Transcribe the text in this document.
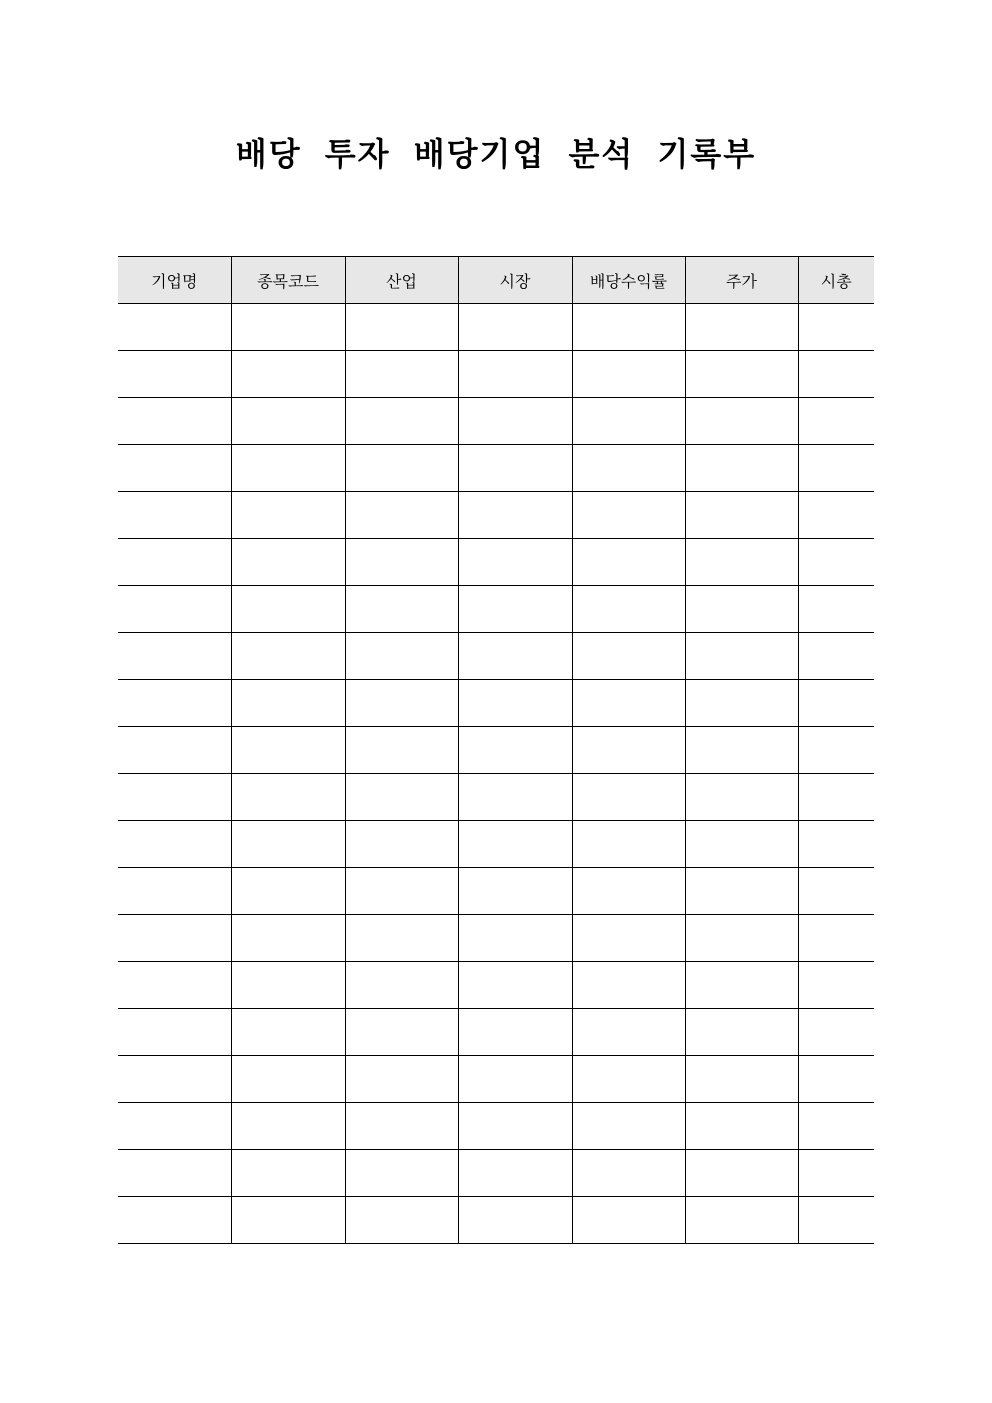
배당 투자 배당기업 분석 기록부
기업명	종목코드	산업	시장	배당수익률	주가	시총
